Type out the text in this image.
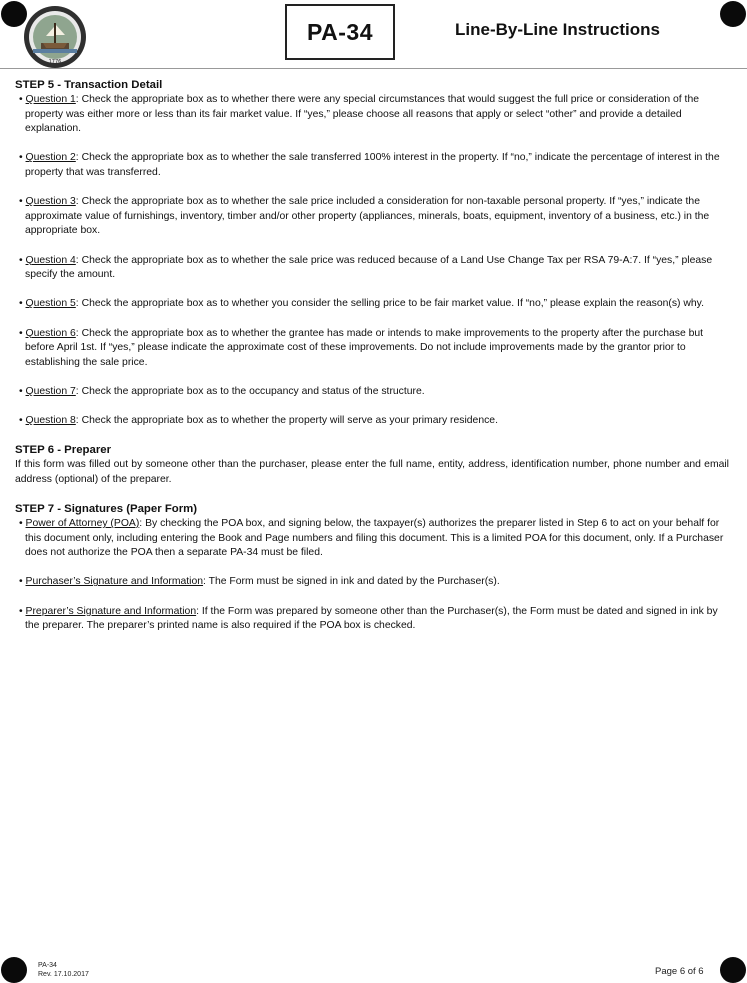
1776
PA-34	Line-By-Line Instructions
STEP 5 - Transaction Detail

• Question 1: Check the appropriate box as to whether there were any special circumstances that would suggest the full price or consideration of the property was either more or less than its fair market value. If “yes,” please choose all reasons that apply or select “other” and provide a detailed explanation.

• Question 2: Check the appropriate box as to whether the sale transferred 100% interest in the property. If “no,” indicate the percentage of interest in the property that was transferred.

• Question 3: Check the appropriate box as to whether the sale price included a consideration for non-taxable personal property. If “yes,” indicate the approximate value of furnishings, inventory, timber and/or other property (appliances, minerals, boats, equipment, inventory of a business, etc.) in the appropriate box.

• Question 4: Check the appropriate box as to whether the sale price was reduced because of a Land Use Change Tax per RSA 79-A:7. If “yes,” please specify the amount.

• Question 5: Check the appropriate box as to whether you consider the selling price to be fair market value. If “no,” please explain the reason(s) why.

• Question 6: Check the appropriate box as to whether the grantee has made or intends to make improvements to the property after the purchase but before April 1st. If “yes,” please indicate the approximate cost of these improvements. Do not include improvements made by the grantor prior to establishing the sale price.

• Question 7: Check the appropriate box as to the occupancy and status of the structure.

• Question 8: Check the appropriate box as to whether the property will serve as your primary residence.

STEP 6 - Preparer

If this form was filled out by someone other than the purchaser, please enter the full name, entity, address, identification number, phone number and email address (optional) of the preparer.

STEP 7 - Signatures (Paper Form)

• Power of Attorney (POA): By checking the POA box, and signing below, the taxpayer(s) authorizes the preparer listed in Step 6 to act on your behalf for this document only, including entering the Book and Page numbers and filing this document. This is a limited POA for this document, only. If a Purchaser does not authorize the POA then a separate PA-34 must be filed.

• Purchaser’s Signature and Information: The Form must be signed in ink and dated by the Purchaser(s).

• Preparer’s Signature and Information: If the Form was prepared by someone other than the Purchaser(s), the Form must be dated and signed in ink by the preparer. The preparer’s printed name is also required if the POA box is checked.

PA-34
Rev. 17.10.2017	Page 6 of 6
